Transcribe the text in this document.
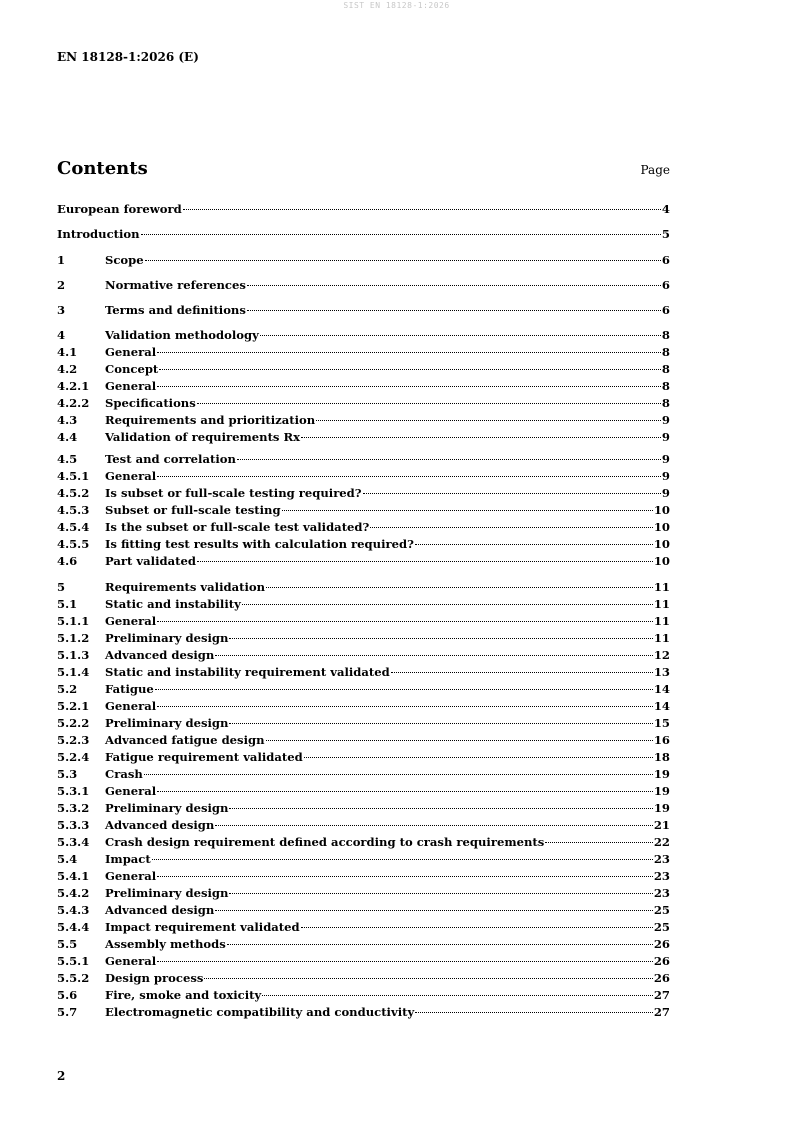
SIST EN 18128-1:2026
EN 18128-1:2026 (E)
Contents	Page
European foreword	4
Introduction	5
1	Scope	6
2	Normative references	6
3	Terms and definitions	6
4	Validation methodology	8
4.1	General	8
4.2	Concept	8
4.2.1	General	8
4.2.2	Specifications	8
4.3	Requirements and prioritization	9
4.4	Validation of requirements Rx	9
4.5	Test and correlation	9
4.5.1	General	9
4.5.2	Is subset or full-scale testing required?	9
4.5.3	Subset or full-scale testing	10
4.5.4	Is the subset or full-scale test validated?	10
4.5.5	Is fitting test results with calculation required?	10
4.6	Part validated	10
5	Requirements validation	11
5.1	Static and instability	11
5.1.1	General	11
5.1.2	Preliminary design	11
5.1.3	Advanced design	12
5.1.4	Static and instability requirement validated	13
5.2	Fatigue	14
5.2.1	General	14
5.2.2	Preliminary design	15
5.2.3	Advanced fatigue design	16
5.2.4	Fatigue requirement validated	18
5.3	Crash	19
5.3.1	General	19
5.3.2	Preliminary design	19
5.3.3	Advanced design	21
5.3.4	Crash design requirement defined according to crash requirements	22
5.4	Impact	23
5.4.1	General	23
5.4.2	Preliminary design	23
5.4.3	Advanced design	25
5.4.4	Impact requirement validated	25
5.5	Assembly methods	26
5.5.1	General	26
5.5.2	Design process	26
5.6	Fire, smoke and toxicity	27
5.7	Electromagnetic compatibility and conductivity	27
2
